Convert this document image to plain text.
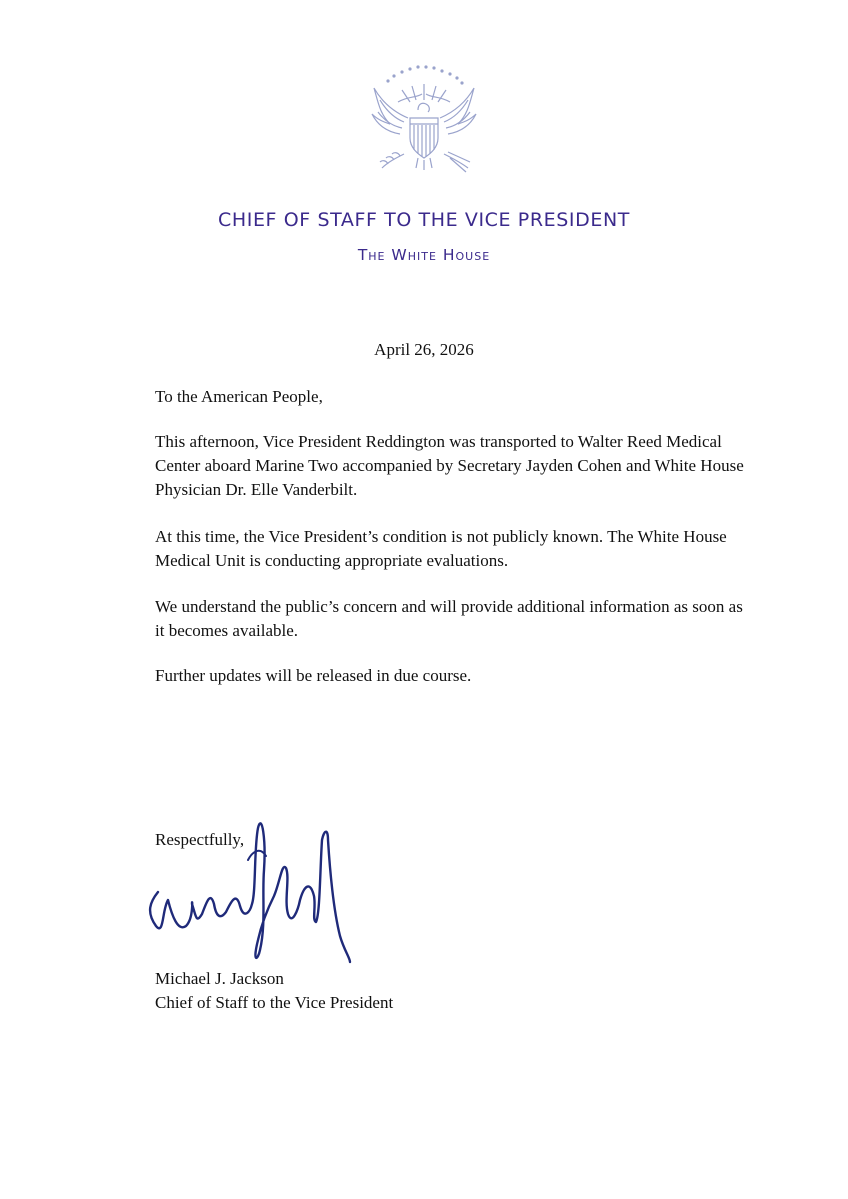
CHIEF OF STAFF TO THE VICE PRESIDENT
The White House
April 26, 2026

To the American People,

This afternoon, Vice President Reddington was transported to Walter Reed Medical Center aboard Marine Two accompanied by Secretary Jayden Cohen and White House Physician Dr. Elle Vanderbilt.

At this time, the Vice President’s condition is not publicly known. The White House Medical Unit is conducting appropriate evaluations.

We understand the public’s concern and will provide additional information as soon as it becomes available.

Further updates will be released in due course.

Respectfully,

Michael J. Jackson

Chief of Staff to the Vice President
